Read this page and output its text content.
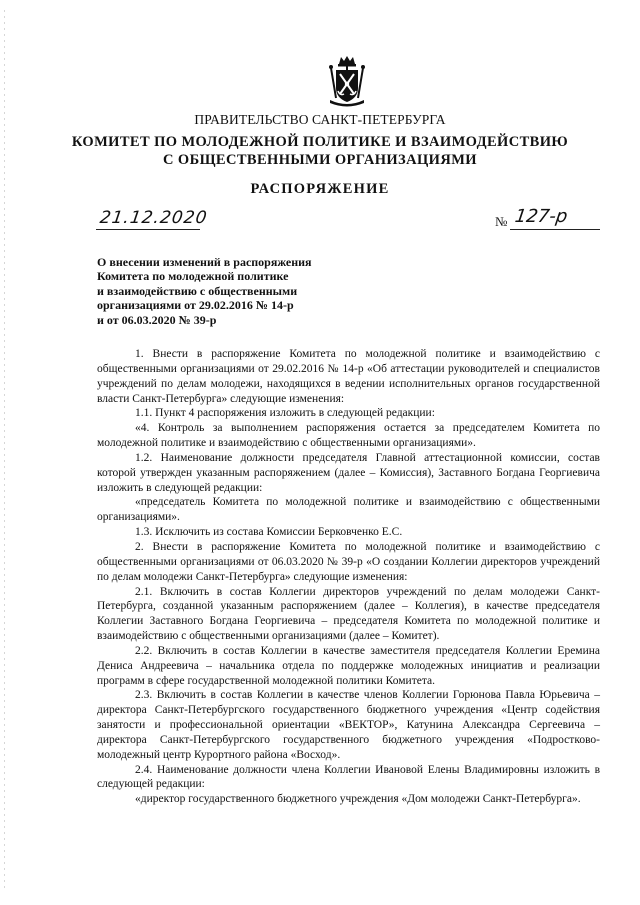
ПРАВИТЕЛЬСТВО САНКТ-ПЕТЕРБУРГА
КОМИТЕТ ПО МОЛОДЕЖНОЙ ПОЛИТИКЕ И ВЗАИМОДЕЙСТВИЮ
С ОБЩЕСТВЕННЫМИ ОРГАНИЗАЦИЯМИ
РАСПОРЯЖЕНИЕ
21.12.2020	№ 127-р
О внесении изменений в распоряжения
Комитета по молодежной политике
и взаимодействию с общественными
организациями от 29.02.2016 № 14-р
и от 06.03.2020 № 39-р
1. Внести в распоряжение Комитета по молодежной политике и взаимодействию с общественными организациями от 29.02.2016 № 14-р «Об аттестации руководителей и специалистов учреждений по делам молодежи, находящихся в ведении исполнительных органов государственной власти Санкт-Петербурга» следующие изменения:
1.1. Пункт 4 распоряжения изложить в следующей редакции:
«4. Контроль за выполнением распоряжения остается за председателем Комитета по молодежной политике и взаимодействию с общественными организациями».
1.2. Наименование должности председателя Главной аттестационной комиссии, состав которой утвержден указанным распоряжением (далее – Комиссия), Заставного Богдана Георгиевича изложить в следующей редакции:
«председатель Комитета по молодежной политике и взаимодействию с общественными организациями».
1.3. Исключить из состава Комиссии Берковченко Е.С.
2. Внести в распоряжение Комитета по молодежной политике и взаимодействию с общественными организациями от 06.03.2020 № 39-р «О создании Коллегии директоров учреждений по делам молодежи Санкт-Петербурга» следующие изменения:
2.1. Включить в состав Коллегии директоров учреждений по делам молодежи Санкт-Петербурга, созданной указанным распоряжением (далее – Коллегия), в качестве председателя Коллегии Заставного Богдана Георгиевича – председателя Комитета по молодежной политике и взаимодействию с общественными организациями (далее – Комитет).
2.2. Включить в состав Коллегии в качестве заместителя председателя Коллегии Еремина Дениса Андреевича – начальника отдела по поддержке молодежных инициатив и реализации программ в сфере государственной молодежной политики Комитета.
2.3. Включить в состав Коллегии в качестве членов Коллегии Горюнова Павла Юрьевича – директора Санкт-Петербургского государственного бюджетного учреждения «Центр содействия занятости и профессиональной ориентации «ВЕКТОР», Катунина Александра Сергеевича – директора Санкт-Петербургского государственного бюджетного учреждения «Подростково-молодежный центр Курортного района «Восход».
2.4. Наименование должности члена Коллегии Ивановой Елены Владимировны изложить в следующей редакции:
«директор государственного бюджетного учреждения «Дом молодежи Санкт-Петербурга».
